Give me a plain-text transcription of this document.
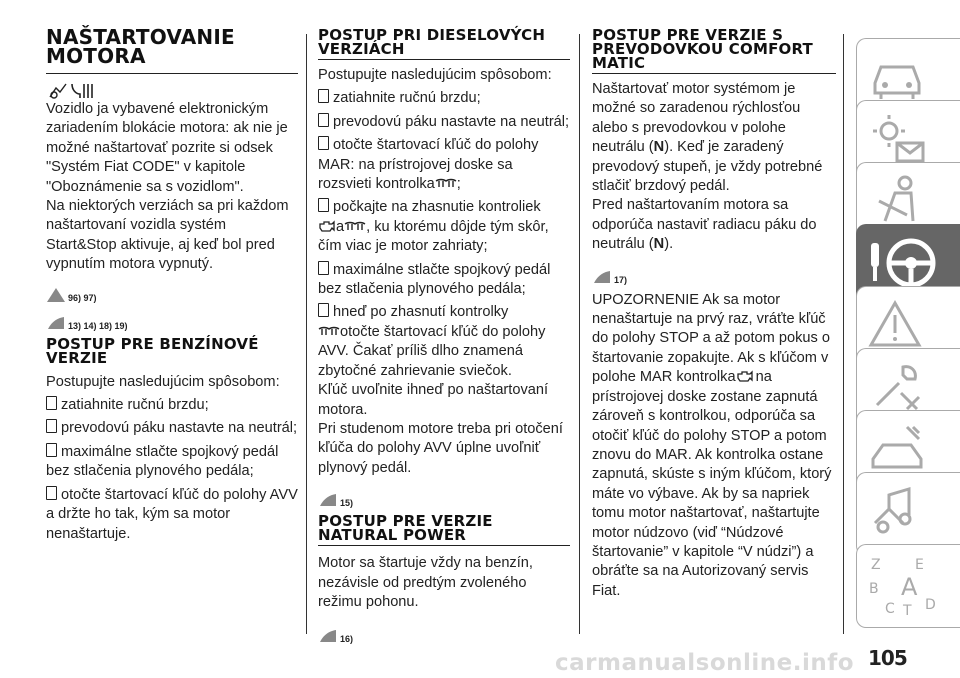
NAŠTARTOVANIE MOTORA

Vozidlo ja vybavené elektronickým zariadením blokácie motora: ak nie je možné naštartovať pozrite si odsek "Systém Fiat CODE" v kapitole "Oboznámenie sa s vozidlom".

Na niektorých verziách sa pri každom naštartovaní vozidla systém Start&Stop aktivuje, aj keď bol pred vypnutím motora vypnutý.

96) 97)
13) 14) 18) 19)
POSTUP PRE BENZÍNOVÉ VERZIE

Postupujte nasledujúcim spôsobom:

zatiahnite ručnú brzdu;

prevodovú páku nastavte na neutrál;

maximálne stlačte spojkový pedál bez stlačenia plynového pedála;

otočte štartovací kľúč do polohy AVV a držte ho tak, kým sa motor nenaštartuje.

POSTUP PRI DIESELOVÝCH VERZIÁCH

Postupujte nasledujúcim spôsobom:

zatiahnite ručnú brzdu;

prevodovú páku nastavte na neutrál;

otočte štartovací kľúč do polohy MAR: na prístrojovej doske sa rozsvieti kontrolka ;

počkajte na zhasnutie kontroliek
a , ku ktorému dôjde tým skôr, čím viac je motor zahriaty;

maximálne stlačte spojkový pedál bez stlačenia plynového pedála;

hneď po zhasnutí kontrolky
otočte štartovací kľúč do polohy AVV. Čakať príliš dlho znamená zbytočné zahrievanie sviečok.

Kľúč uvoľnite ihneď po naštartovaní motora.

Pri studenom motore treba pri otočení kľúča do polohy AVV úplne uvoľniť plynový pedál.

15)
POSTUP PRE VERZIE NATURAL POWER

Motor sa štartuje vždy na benzín, nezávisle od predtým zvoleného režimu pohonu.

16)
POSTUP PRE VERZIE S PREVODOVKOU COMFORT MATIC

Naštartovať motor systémom je možné so zaradenou rýchlosťou alebo s prevodovkou v polohe neutrálu (N). Keď je zaradený prevodový stupeň, je vždy potrebné stlačiť brzdový pedál.

Pred naštartovaním motora sa odporúča nastaviť radiacu páku do neutrálu (N).

17)

UPOZORNENIE Ak sa motor nenaštartuje na prvý raz, vráťte kľúč do polohy STOP a až potom pokus o štartovanie zopakujte. Ak s kľúčom v polohe MAR kontrolka na prístrojovej doske zostane zapnutá zároveň s kontrolkou, odporúča sa otočiť kľúč do polohy STOP a potom znovu do MAR. Ak kontrolka ostane zapnutá, skúste s iným kľúčom, ktorý máte vo výbave. Ak by sa napriek tomu motor naštartovať, naštartujte motor núdzovo (viď “Núdzové štartovanie” v kapitole “V núdzi”) a obráťte sa na Autorizovaný servis Fiat.

Z E
B A
C T D
carmanualsonline.info 105
